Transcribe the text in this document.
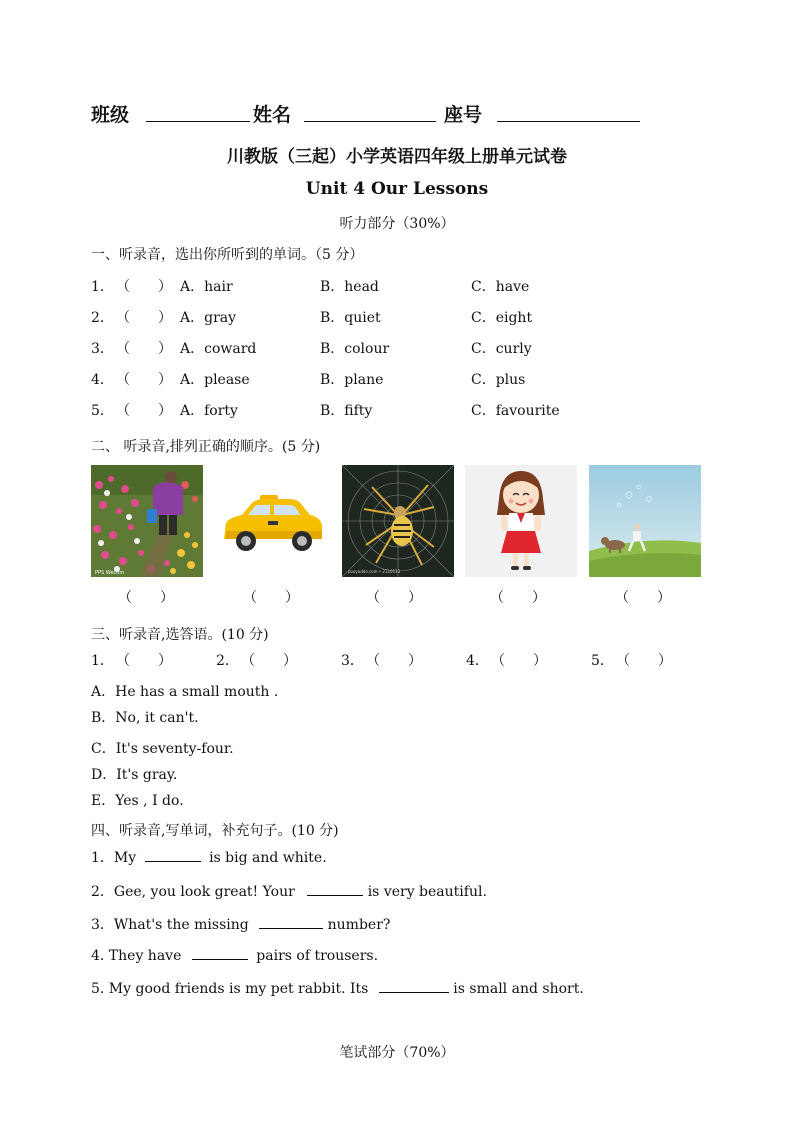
班级	姓名	座号
川教版（三起）小学英语四年级上册单元试卷
Unit 4 Our Lessons
听力部分（30%）
一、听录音，选出你所听到的单词。（5 分）
1． （　　） A．hair	B．head	C．have
2． （　　） A．gray	B．quiet	C．eight
3． （　　） A．coward	B．colour	C．curly
4． （　　） A．please	B．plane	C．plus
5． （　　） A．forty	B．fifty	C．favourite
二、 听录音,排列正确的顺序。(5 分)
PPS Wecom	pooyaddo.com • 2110113
（　　）	（　　）	（　　）	（　　）	（　　）
三、听录音,选答语。(10 分)
1． （　　）	2． （　　）	3． （　　）	4． （　　）	5． （　　）
A．He has a small mouth .
B．No, it can't.
C．It's seventy-four.
D．It's gray.
E．Yes , I do.
四、听录音,写单词，补充句子。(10 分)
1．My	is big and white.
2．Gee, you look great! Your	is very beautiful.
3．What's the missing	number?
4. They have	pairs of trousers.
5. My good friends is my pet rabbit. Its	is small and short.
笔试部分（70%）
